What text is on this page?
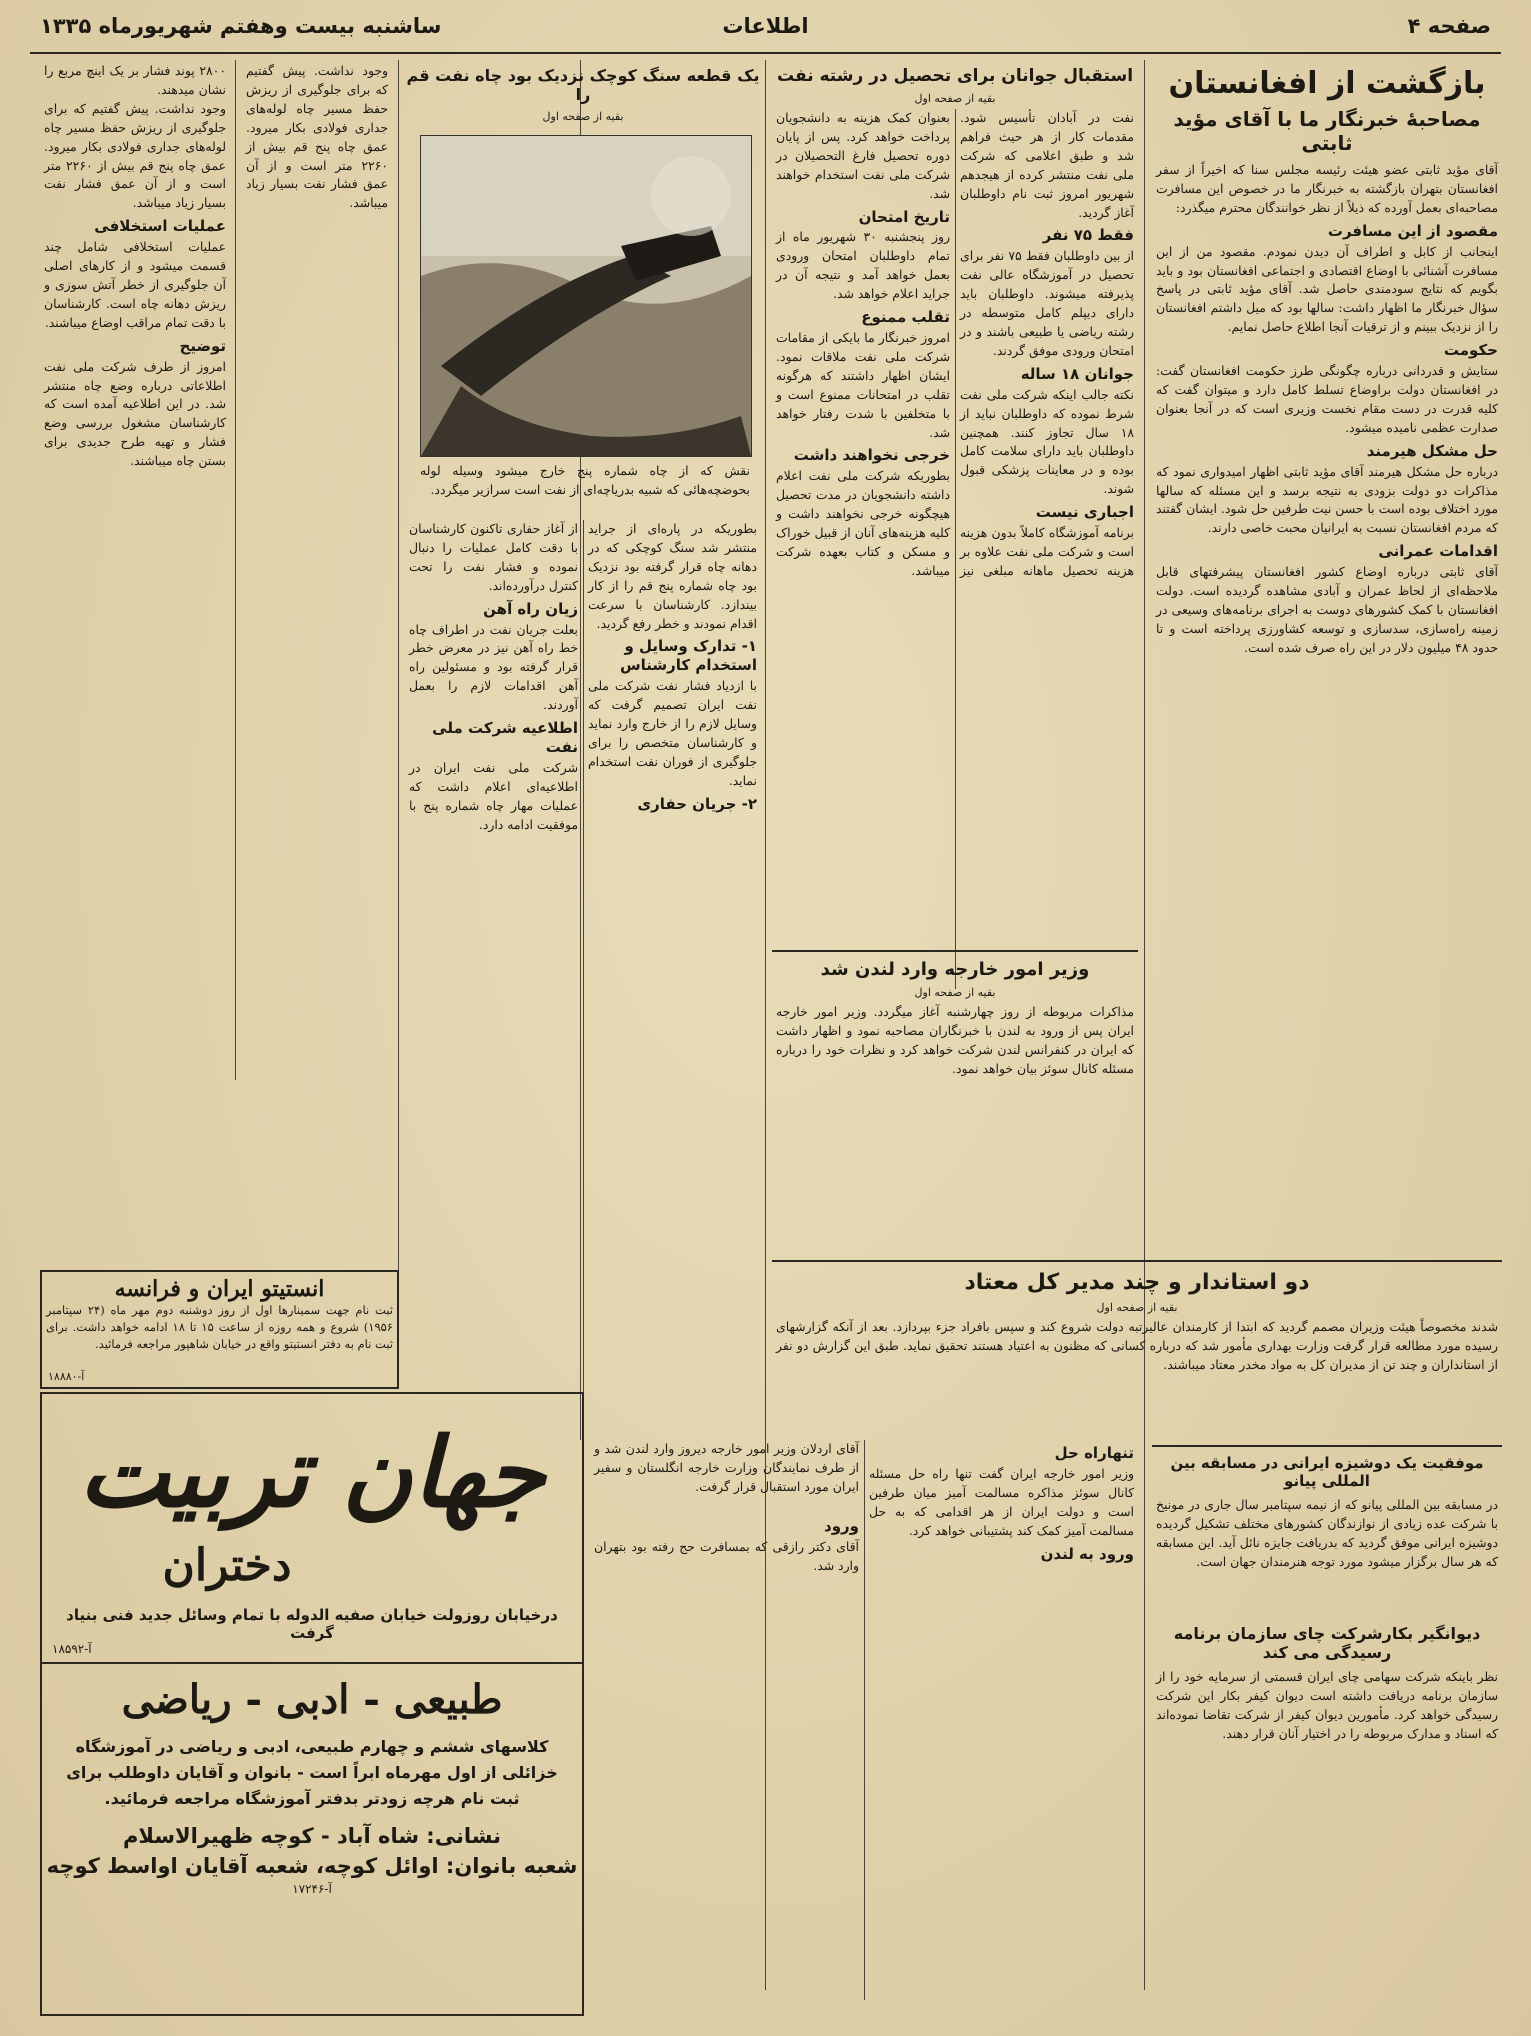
صفحه ۴
اطلاعات
ساشنبه بیست وهفتم شهریورماه ۱۳۳۵
بازگشت از افغانستان
مصاحبهٔ خبرنگار ما با آقای مؤید ثابتی

آقای مؤید ثابتی عضو هیئت رئیسه مجلس سنا که اخیراً از سفر افغانستان بتهران بازگشته به خبرنگار ما در خصوص این مسافرت مصاحبه‌ای بعمل آورده که ذیلاً از نظر خوانندگان محترم میگذرد:

مقصود از این مسافرت

اینجانب از کابل و اطراف آن دیدن نمودم. مقصود من از این مسافرت آشنائی با اوضاع اقتصادی و اجتماعی افغانستان بود و باید بگویم که نتایج سودمندی حاصل شد. آقای مؤید ثابتی در پاسخ سؤال خبرنگار ما اظهار داشت: سالها بود که میل داشتم افغانستان را از نزدیک ببینم و از ترقیات آنجا اطلاع حاصل نمایم.

حکومت

ستایش و قدردانی درباره چگونگی طرز حکومت افغانستان گفت: در افغانستان دولت براوضاع تسلط کامل دارد و میتوان گفت که کلیه قدرت در دست مقام نخست وزیری است که در آنجا بعنوان صدارت عظمی نامیده میشود.

حل مشکل هیرمند

درباره حل مشکل هیرمند آقای مؤید ثابتی اظهار امیدواری نمود که مذاکرات دو دولت بزودی به نتیجه برسد و این مسئله که سالها مورد اختلاف بوده است با حسن نیت طرفین حل شود. ایشان گفتند که مردم افغانستان نسبت به ایرانیان محبت خاصی دارند.

اقدامات عمرانی

آقای ثابتی درباره اوضاع کشور افغانستان پیشرفتهای قابل ملاحظه‌ای از لحاظ عمران و آبادی مشاهده گردیده است. دولت افغانستان با کمک کشورهای دوست به اجرای برنامه‌های وسیعی در زمینه راه‌سازی، سدسازی و توسعه کشاورزی پرداخته است و تا حدود ۴۸ میلیون دلار در این راه صرف شده است.

دو استاندار و چند مدیر کل معتاد
بقیه از صفحه اول
شدند مخصوصاً هیئت وزیران مصمم گردید که ابتدا از کارمندان عالیرتبه دولت شروع کند و سپس بافراد جزء بپردازد. بعد از آنکه گزارشهای رسیده مورد مطالعه قرار گرفت وزارت بهداری مأمور شد که درباره کسانی که مظنون به اعتیاد هستند تحقیق نماید. طبق این گزارش دو نفر از استانداران و چند تن از مدیران کل به مواد مخدر معتاد میباشند.
موفقیت یک دوشیزه ایرانی در مسابقه بین المللی پیانو
در مسابقه بین المللی پیانو که از نیمه سپتامبر سال جاری در مونیخ با شرکت عده زیادی از نوازندگان کشورهای مختلف تشکیل گردیده دوشیزه ایرانی موفق گردید که بدریافت جایزه نائل آید. این مسابقه که هر سال برگزار میشود مورد توجه هنرمندان جهان است.
دیوانگیر بکارشرکت چای سازمان برنامه رسیدگی می کند
نظر باینکه شرکت سهامی چای ایران قسمتی از سرمایه خود را از سازمان برنامه دریافت داشته است دیوان کیفر بکار این شرکت رسیدگی خواهد کرد. مأمورین دیوان کیفر از شرکت تقاضا نموده‌اند که اسناد و مدارک مربوطه را در اختیار آنان قرار دهند.
استقبال جوانان برای تحصیل در رشته نفت
بقیه از صفحه اول

نفت در آبادان تأسیس شود. مقدمات کار از هر حیث فراهم شد و طبق اعلامی که شرکت ملی نفت منتشر کرده از هیجدهم شهریور امروز ثبت نام داوطلبان آغاز گردید.

فقط ۷۵ نفر

از بین داوطلبان فقط ۷۵ نفر برای تحصیل در آموزشگاه عالی نفت پذیرفته میشوند. داوطلبان باید دارای دیپلم کامل متوسطه در رشته ریاضی یا طبیعی باشند و در امتحان ورودی موفق گردند.

جوانان ۱۸ ساله

نکته جالب اینکه شرکت ملی نفت شرط نموده که داوطلبان نباید از ۱۸ سال تجاوز کنند. همچنین داوطلبان باید دارای سلامت کامل بوده و در معاینات پزشکی قبول شوند.

اجباری نیست

برنامه آموزشگاه کاملاً بدون هزینه است و شرکت ملی نفت علاوه بر هزینه تحصیل ماهانه مبلغی نیز بعنوان کمک هزینه به دانشجویان پرداخت خواهد کرد. پس از پایان دوره تحصیل فارغ التحصیلان در شرکت ملی نفت استخدام خواهند شد.

تاریخ امتحان

روز پنجشنبه ۳۰ شهریور ماه از تمام داوطلبان امتحان ورودی بعمل خواهد آمد و نتیجه آن در جراید اعلام خواهد شد.

تقلب ممنوع

امروز خبرنگار ما بایکی از مقامات شرکت ملی نفت ملاقات نمود. ایشان اظهار داشتند که هرگونه تقلب در امتحانات ممنوع است و با متخلفین با شدت رفتار خواهد شد.

خرجی نخواهند داشت

بطوریکه شرکت ملی نفت اعلام داشته دانشجویان در مدت تحصیل هیچگونه خرجی نخواهند داشت و کلیه هزینه‌های آنان از قبیل خوراک و مسکن و کتاب بعهده شرکت میباشد.

وزیر امور خارجه وارد لندن شد
بقیه از صفحه اول

مذاکرات مربوطه از روز چهارشنبه آغاز میگردد. وزیر امور خارجه ایران پس از ورود به لندن با خبرنگاران مصاحبه نمود و اظهار داشت که ایران در کنفرانس لندن شرکت خواهد کرد و نظرات خود را درباره مسئله کانال سوئز بیان خواهد نمود.

تنهاراه حل

وزیر امور خارجه ایران گفت تنها راه حل مسئله کانال سوئز مذاکره مسالمت آمیز میان طرفین است و دولت ایران از هر اقدامی که به حل مسالمت آمیز کمک کند پشتیبانی خواهد کرد.

ورود به لندن

آقای اردلان وزیر امور خارجه دیروز وارد لندن شد و از طرف نمایندگان وزارت خارجه انگلستان و سفیر ایران مورد استقبال قرار گرفت.

ورود

آقای دکتر رازقی که بمسافرت حج رفته بود بتهران وارد شد.

یک قطعه سنگ کوچک نزدیک بود چاه نفت قم را
بقیه از صفحه اول
نقش که از چاه شماره پنج خارج میشود وسیله لوله بحوضچه‌هائی که شبیه بدریاچه‌ای از نفت است سرازیر میگردد.

بطوریکه در پاره‌ای از جراید منتشر شد سنگ کوچکی که در دهانه چاه قرار گرفته بود نزدیک بود چاه شماره پنج قم را از کار بیندازد. کارشناسان با سرعت اقدام نمودند و خطر رفع گردید.

۱- تدارک وسایل و استخدام کارشناس

با ازدیاد فشار نفت شرکت ملی نفت ایران تصمیم گرفت که وسایل لازم را از خارج وارد نماید و کارشناسان متخصص را برای جلوگیری از فوران نفت استخدام نماید.

۲- جریان حفاری

از آغاز حفاری تاکنون کارشناسان با دقت کامل عملیات را دنبال نموده و فشار نفت را تحت کنترل درآورده‌اند.

زیان راه آهن

بعلت جریان نفت در اطراف چاه خط راه آهن نیز در معرض خطر قرار گرفته بود و مسئولین راه آهن اقدامات لازم را بعمل آوردند.

اطلاعیه شرکت ملی نفت

شرکت ملی نفت ایران در اطلاعیه‌ای اعلام داشت که عملیات مهار چاه شماره پنج با موفقیت ادامه دارد.

۲۸۰۰ پوند فشار بر یک اینچ مربع را نشان میدهند.

وجود نداشت. پیش گفتیم که برای جلوگیری از ریزش حفظ مسیر چاه لوله‌های جداری فولادی بکار میرود. عمق چاه پنج قم بیش از ۲۲۶۰ متر است و از آن عمق فشار نفت بسیار زیاد میباشد.

عملیات استخلافی

عملیات استخلافی شامل چند قسمت میشود و از کارهای اصلی آن جلوگیری از خطر آتش سوزی و ریزش دهانه چاه است. کارشناسان با دقت تمام مراقب اوضاع میباشند.

توضیح

امروز از طرف شرکت ملی نفت اطلاعاتی درباره وضع چاه منتشر شد. در این اطلاعیه آمده است که کارشناسان مشغول بررسی وضع فشار و تهیه طرح جدیدی برای بستن چاه میباشند.

وجود نداشت. پیش گفتیم که برای جلوگیری از ریزش حفظ مسیر چاه لوله‌های جداری فولادی بکار میرود. عمق چاه پنج قم بیش از ۲۲۶۰ متر است و از آن عمق فشار نفت بسیار زیاد میباشد.
انستیتو ایران و فرانسه
ثبت نام جهت سمینارها اول از روز دوشنبه دوم مهر ماه (۲۴ سپتامبر ۱۹۵۶) شروع و همه روزه از ساعت ۱۵ تا ۱۸ ادامه خواهد داشت. برای ثبت نام به دفتر انستیتو واقع در خیابان شاهپور مراجعه فرمائید.
آ-۱۸۸۸۰
جهان تربیت
دختران
درخیابان روزولت خیابان صفیه الدوله با تمام وسائل جدید فنی بنیاد گرفت
آ-۱۸۵۹۲
طبیعی - ادبی - ریاضی
کلاسهای ششم و چهارم طبیعی، ادبی و ریاضی در آموزشگاه خزائلی از اول مهرماه ابراً است - بانوان و آقایان داوطلب برای ثبت نام هرچه زودتر بدفتر آموزشگاه مراجعه فرمائید.
نشانی: شاه آباد - کوچه ظهیرالاسلام
شعبه بانوان: اوائل کوچه، شعبه آقایان اواسط کوچه
آ-۱۷۲۴۶
